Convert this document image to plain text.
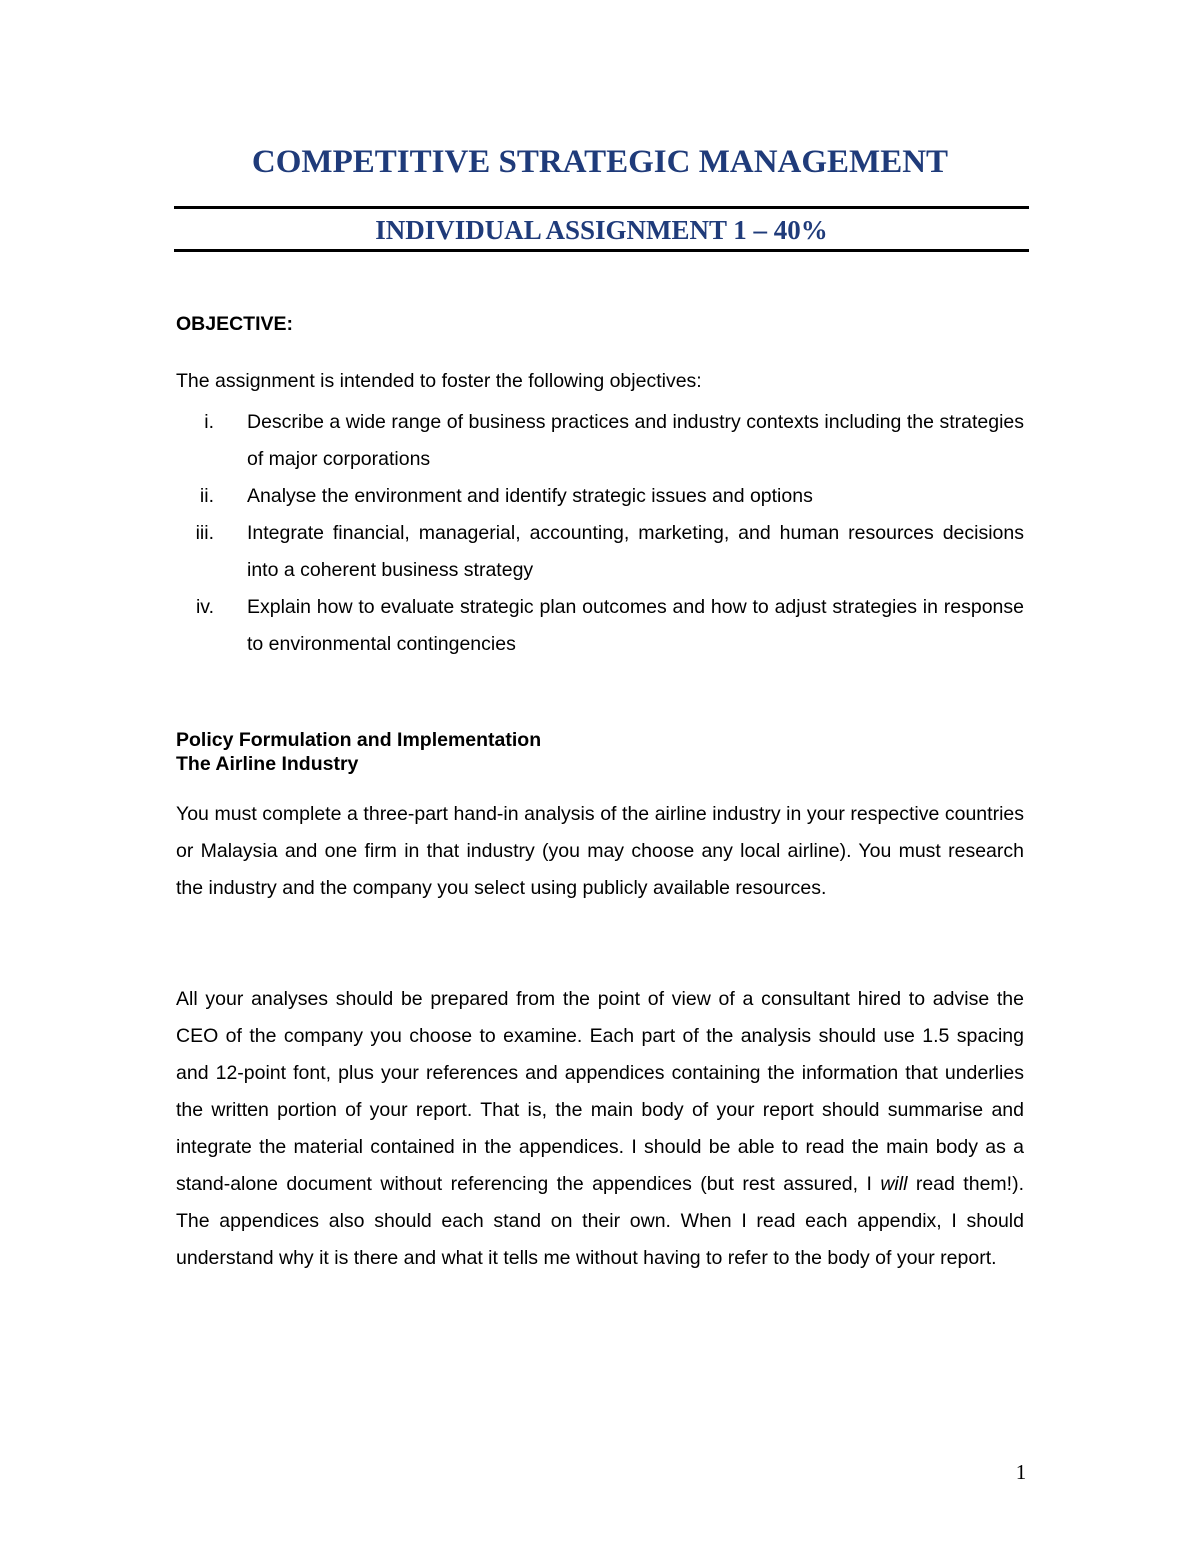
COMPETITIVE STRATEGIC MANAGEMENT
INDIVIDUAL ASSIGNMENT 1 – 40%
OBJECTIVE:
The assignment is intended to foster the following objectives:
i. Describe a wide range of business practices and industry contexts including the strategies of major corporations
ii. Analyse the environment and identify strategic issues and options
iii. Integrate financial, managerial, accounting, marketing, and human resources decisions into a coherent business strategy
iv. Explain how to evaluate strategic plan outcomes and how to adjust strategies in response to environmental contingencies
Policy Formulation and Implementation
The Airline Industry

You must complete a three-part hand-in analysis of the airline industry in your respective countries or Malaysia and one firm in that industry (you may choose any local airline). You must research the industry and the company you select using publicly available resources.

All your analyses should be prepared from the point of view of a consultant hired to advise the CEO of the company you choose to examine. Each part of the analysis should use 1.5 spacing and 12-point font, plus your references and appendices containing the information that underlies the written portion of your report. That is, the main body of your report should summarise and integrate the material contained in the appendices. I should be able to read the main body as a stand-alone document without referencing the appendices (but rest assured, I will read them!). The appendices also should each stand on their own. When I read each appendix, I should understand why it is there and what it tells me without having to refer to the body of your report.

1
